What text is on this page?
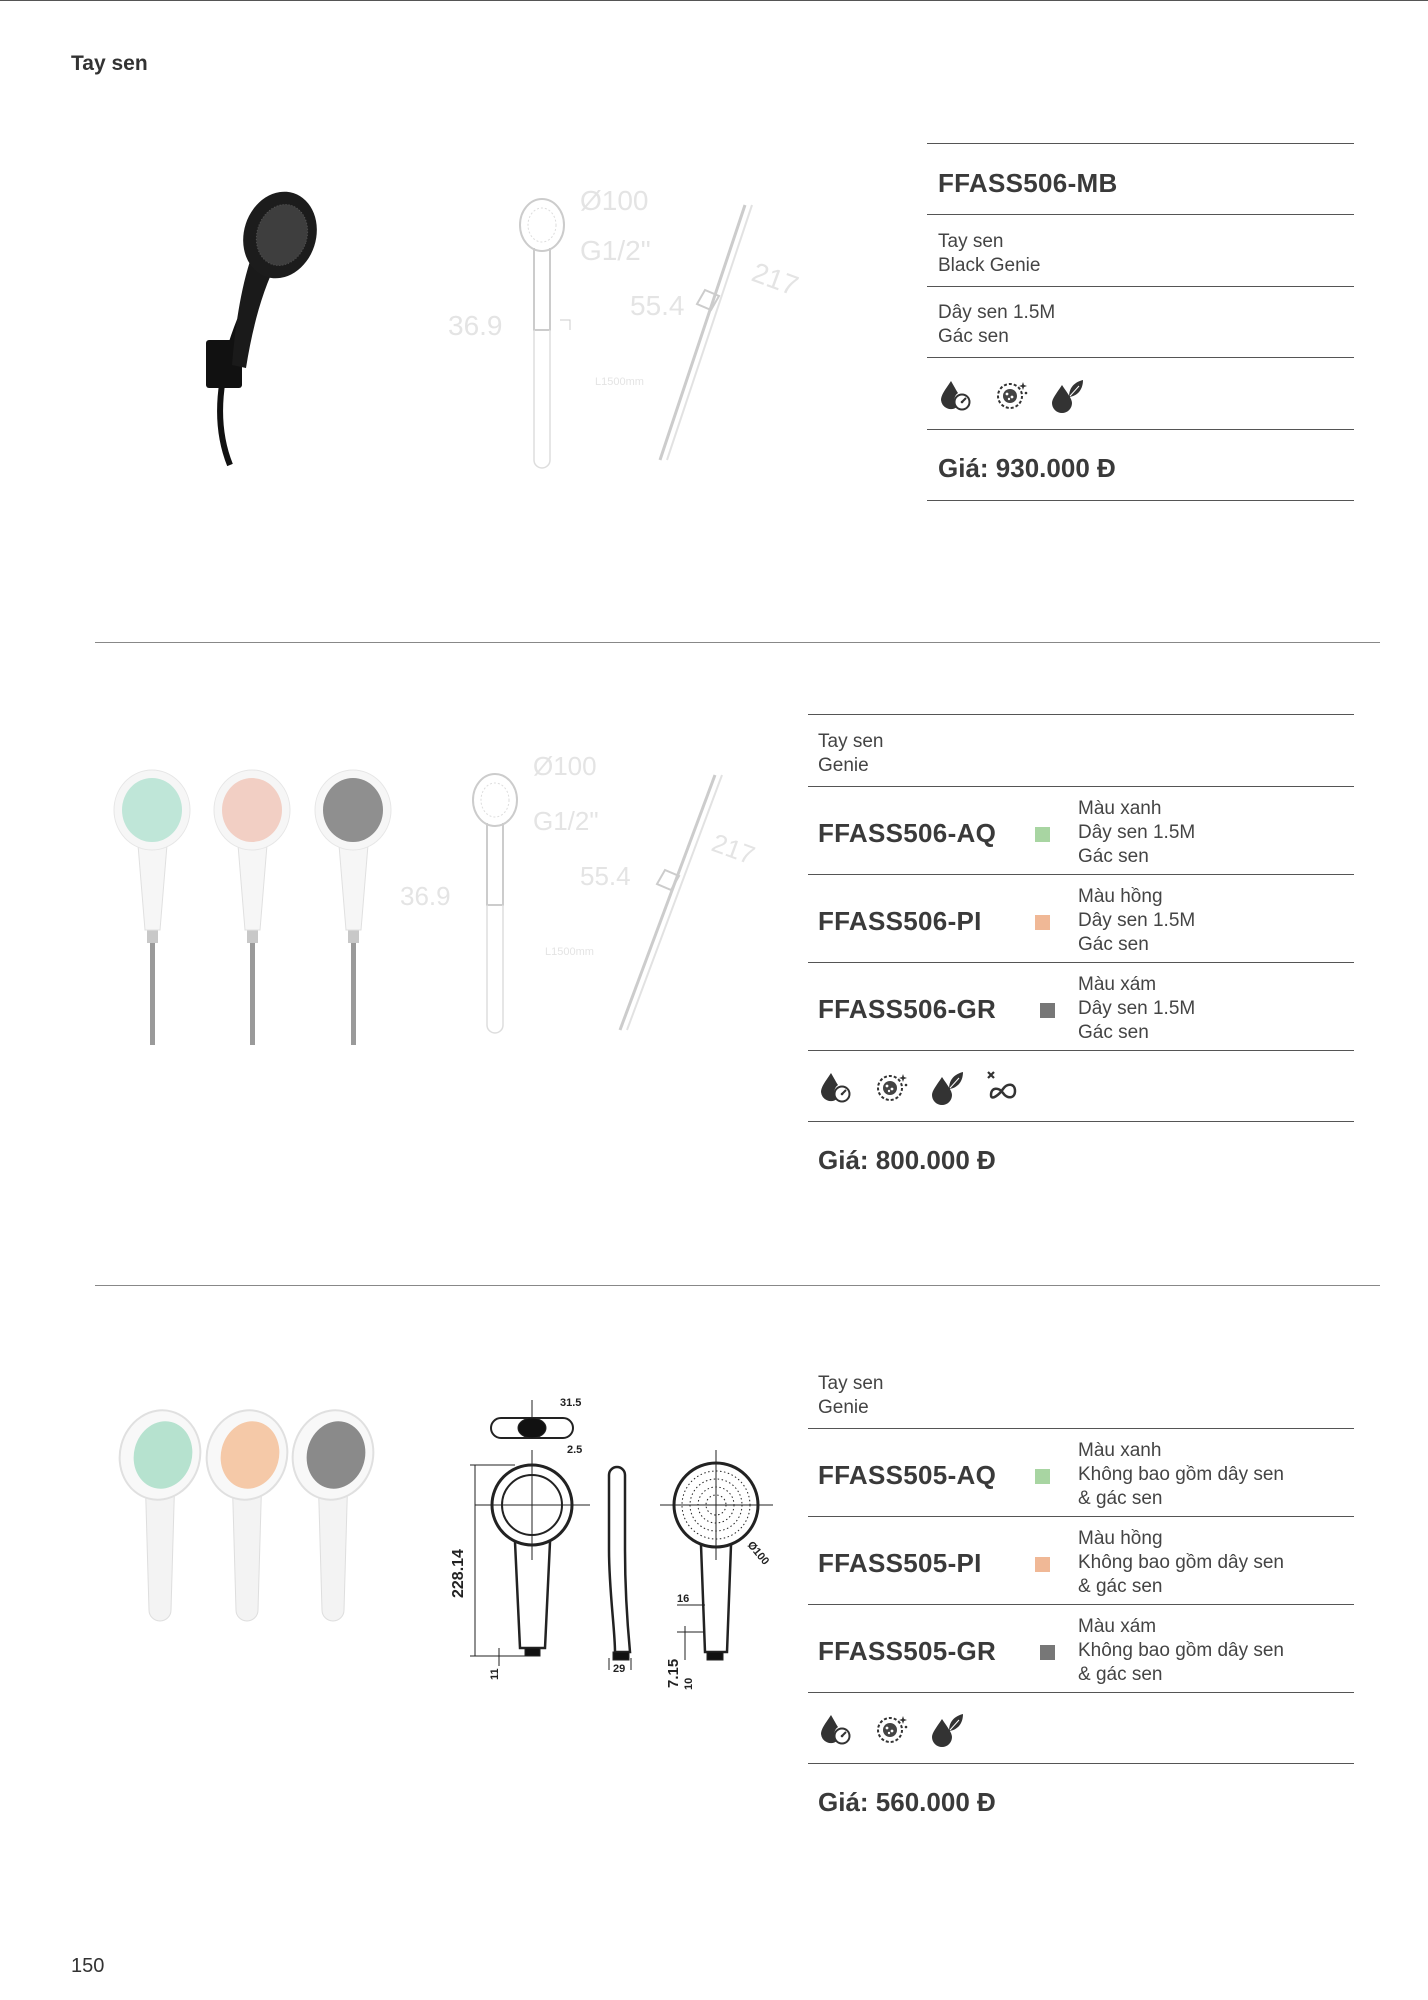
Tay sen
Ø100
G1/2"
36.9
55.4
217
L1500mm
FFASS506-MB
Tay sen
Black Genie
Dây sen 1.5M
Gác sen
Giá: 930.000 Đ
Ø100
G1/2"
36.9
55.4
217
L1500mm
Tay sen
Genie
FFASS506-AQ
Màu xanh
Dây sen 1.5M
Gác sen
FFASS506-PI
Màu hồng
Dây sen 1.5M
Gác sen
FFASS506-GR
Màu xám
Dây sen 1.5M
Gác sen
Giá: 800.000 Đ
31.5
2.5
228.14
11	29
Ø100
16
7.15 10
Tay sen
Genie
FFASS505-AQ
Màu xanh
Không bao gồm dây sen
& gác sen
FFASS505-PI
Màu hồng
Không bao gồm dây sen
& gác sen
FFASS505-GR
Màu xám
Không bao gồm dây sen
& gác sen
Giá: 560.000 Đ
150
